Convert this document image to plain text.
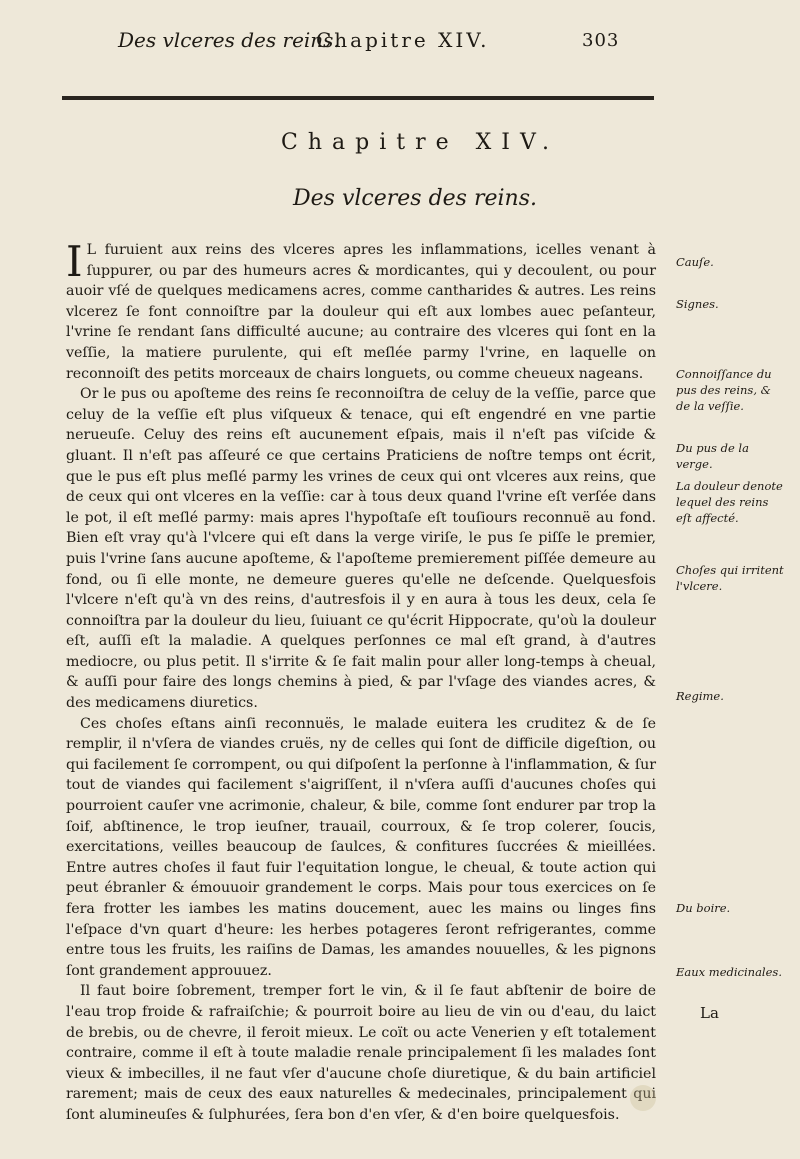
Des vlceres des reins.
Chapitre XIV.	303
Chapitre XIV.
Des vlceres des reins.

I L furuient aux reins des vlceres apres les inflammations, icelles venant à ſuppurer, ou par des humeurs acres & mordicantes, qui y decoulent, ou pour auoir vſé de quelques medicamens acres, comme cantharides & autres. Les reins vlcerez ſe font connoiſtre par la douleur qui eſt aux lombes auec peſanteur, l'vrine ſe rendant ſans difficulté aucune; au contraire des vlceres qui ſont en la veſſie, la matiere purulente, qui eſt meſlée parmy l'vrine, en laquelle on reconnoiſt des petits morceaux de chairs longuets, ou comme cheueux nageans.

Or le pus ou apoſteme des reins ſe reconnoiſtra de celuy de la veſſie, parce que celuy de la veſſie eſt plus viſqueux & tenace, qui eſt engendré en vne partie nerueuſe. Celuy des reins eſt aucunement eſpais, mais il n'eſt pas viſcide & gluant. Il n'eſt pas aſſeuré ce que certains Praticiens de noſtre temps ont écrit, que le pus eſt plus meſlé parmy les vrines de ceux qui ont vlceres aux reins, que de ceux qui ont vlceres en la veſſie: car à tous deux quand l'vrine eſt verſée dans le pot, il eſt meſlé parmy: mais apres l'hypoſtaſe eſt touſiours reconnuë au fond. Bien eſt vray qu'à l'vlcere qui eſt dans la verge viriſe, le pus ſe piſſe le premier, puis l'vrine ſans aucune apoſteme, & l'apoſteme premierement piſſée demeure au fond, ou ſi elle monte, ne demeure gueres qu'elle ne deſcende. Quelquesfois l'vlcere n'eſt qu'à vn des reins, d'autresfois il y en aura à tous les deux, cela ſe connoiſtra par la douleur du lieu, ſuiuant ce qu'écrit Hippocrate, qu'où la douleur eſt, auſſi eſt la maladie. A quelques perſonnes ce mal eſt grand, à d'autres mediocre, ou plus petit. Il s'irrite & ſe fait malin pour aller long-temps à cheual, & auſſi pour faire des longs chemins à pied, & par l'vſage des viandes acres, & des medicamens diuretics.

Ces choſes eſtans ainſi reconnuës, le malade euitera les cruditez & de ſe remplir, il n'vſera de viandes cruës, ny de celles qui ſont de difficile digeſtion, ou qui facilement ſe corrompent, ou qui diſpoſent la perſonne à l'inflammation, & ſur tout de viandes qui facilement s'aigriſſent, il n'vſera auſſi d'aucunes choſes qui pourroient cauſer vne acrimonie, chaleur, & bile, comme ſont endurer par trop la ſoif, abſtinence, le trop ieuſner, trauail, courroux, & ſe trop colerer, ſoucis, exercitations, veilles beaucoup de ſaulces, & confitures ſuccrées & mieillées. Entre autres choſes il faut fuir l'equitation longue, le cheual, & toute action qui peut ébranler & émouuoir grandement le corps. Mais pour tous exercices on ſe fera frotter les iambes les matins doucement, auec les mains ou linges fins l'eſpace d'vn quart d'heure: les herbes potageres ſeront refrigerantes, comme entre tous les fruits, les raiſins de Damas, les amandes nouuelles, & les pignons ſont grandement approuuez.

Il faut boire ſobrement, tremper fort le vin, & il ſe faut abſtenir de boire de l'eau trop froide & rafraiſchie; & pourroit boire au lieu de vin ou d'eau, du laict de brebis, ou de chevre, il feroit mieux. Le coït ou acte Venerien y eſt totalement contraire, comme il eſt à toute maladie renale principalement ſi les malades ſont vieux & imbecilles, il ne faut vſer d'aucune choſe diuretique, & du bain artificiel rarement; mais de ceux des eaux naturelles & medecinales, principalement qui ſont alumineuſes & ſulphurées, ſera bon d'en vſer, & d'en boire quelquesfois.

Cauſe.
Signes.
Connoiſſance du pus des reins, & de la veſſie.
Du pus de la verge.
La douleur denote lequel des reins eſt affecté.
Choſes qui irritent l'vlcere.
Regime.
Du boire.
Eaux medicinales.
La
